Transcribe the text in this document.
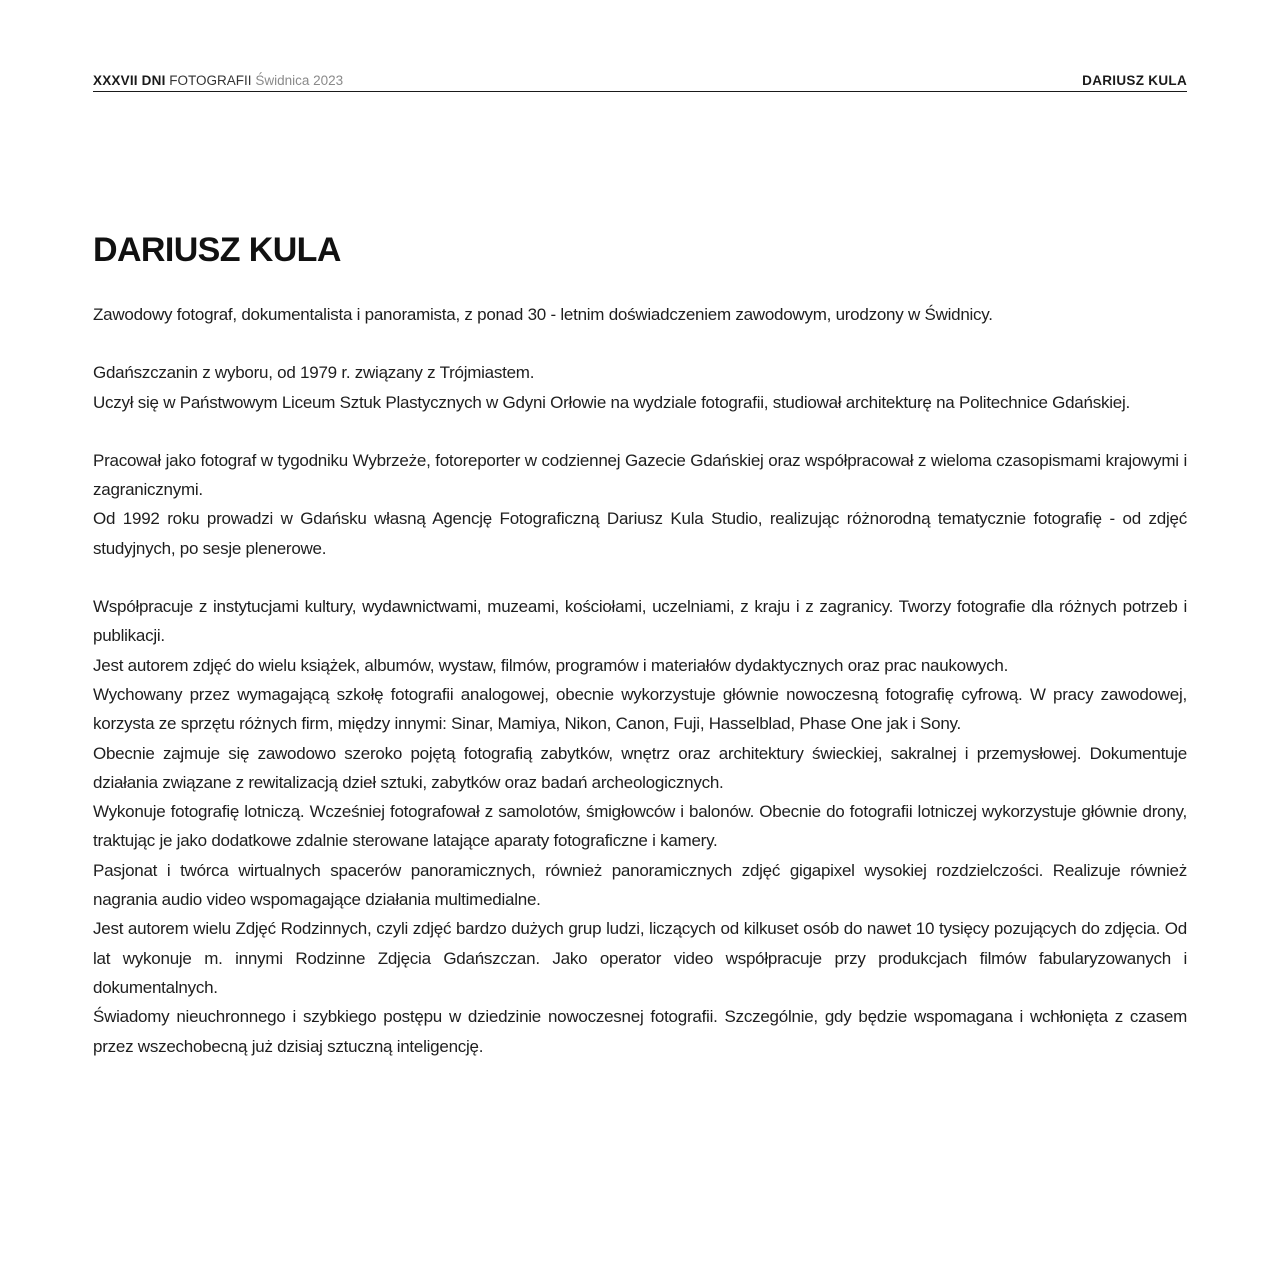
XXXVII DNI FOTOGRAFII Świdnica 2023	DARIUSZ KULA
DARIUSZ KULA

Zawodowy fotograf, dokumentalista i panoramista, z ponad 30 - letnim doświadczeniem zawodowym, urodzony w Świdnicy.

Gdańszczanin z wyboru, od 1979 r. związany z Trójmiastem.

Uczył się w Państwowym Liceum Sztuk Plastycznych w Gdyni Orłowie na wydziale fotografii, studiował architekturę na Politechnice Gdańskiej.

Pracował jako fotograf w tygodniku Wybrzeże, fotoreporter w codziennej Gazecie Gdańskiej oraz współpracował z wieloma czasopismami krajowymi i zagranicznymi.

Od 1992 roku prowadzi w Gdańsku własną Agencję Fotograficzną Dariusz Kula Studio, realizując różnorodną tematycznie fotografię - od zdjęć studyjnych, po sesje plenerowe.

Współpracuje z instytucjami kultury, wydawnictwami, muzeami, kościołami, uczelniami, z kraju i z zagranicy. Tworzy fotografie dla różnych potrzeb i publikacji.

Jest autorem zdjęć do wielu książek, albumów, wystaw, filmów, programów i materiałów dydaktycznych oraz prac naukowych.

Wychowany przez wymagającą szkołę fotografii analogowej, obecnie wykorzystuje głównie nowoczesną fotografię cyfrową. W pracy zawodowej, korzysta ze sprzętu różnych firm, między innymi: Sinar, Mamiya, Nikon, Canon, Fuji, Hasselblad, Phase One jak i Sony.

Obecnie zajmuje się zawodowo szeroko pojętą fotografią zabytków, wnętrz oraz architektury świeckiej, sakralnej i przemysłowej. Dokumentuje działania związane z rewitalizacją dzieł sztuki, zabytków oraz badań archeologicznych.

Wykonuje fotografię lotniczą. Wcześniej fotografował z samolotów, śmigłowców i balonów. Obecnie do fotografii lotniczej wykorzystuje głównie drony, traktując je jako dodatkowe zdalnie sterowane latające aparaty fotograficzne i kamery.

Pasjonat i twórca wirtualnych spacerów panoramicznych, również panoramicznych zdjęć gigapixel wysokiej rozdzielczości. Realizuje również nagrania audio video wspomagające działania multimedialne.

Jest autorem wielu Zdjęć Rodzinnych, czyli zdjęć bardzo dużych grup ludzi, liczących od kilkuset osób do nawet 10 tysięcy pozujących do zdjęcia. Od lat wykonuje m. innymi Rodzinne Zdjęcia Gdańszczan. Jako operator video współpracuje przy produkcjach filmów fabularyzowanych i dokumentalnych.

Świadomy nieuchronnego i szybkiego postępu w dziedzinie nowoczesnej fotografii. Szczególnie, gdy będzie wspomagana i wchłonięta z czasem przez wszechobecną już dzisiaj sztuczną inteligencję.
